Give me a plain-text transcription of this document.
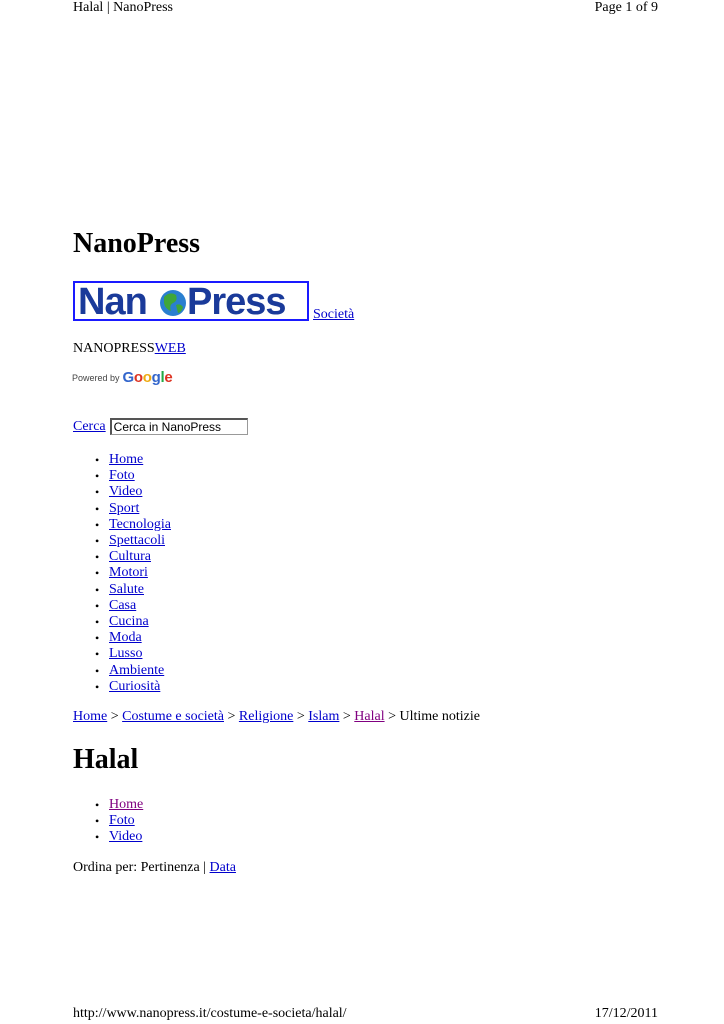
Halal | NanoPress	Page 1 of 9
NanoPress
Nan Press Società
NANOPRESSWEB
Powered by Google
Cerca
Cerca in NanoPress
• Home
• Foto
• Video
• Sport
• Tecnologia
• Spettacoli
• Cultura
• Motori
• Salute
• Casa
• Cucina
• Moda
• Lusso
• Ambiente
• Curiosità
Home > Costume e società > Religione > Islam > Halal > Ultime notizie
Halal
• Home
• Foto
• Video
Ordina per: Pertinenza | Data
http://www.nanopress.it/costume-e-societa/halal/	17/12/2011
